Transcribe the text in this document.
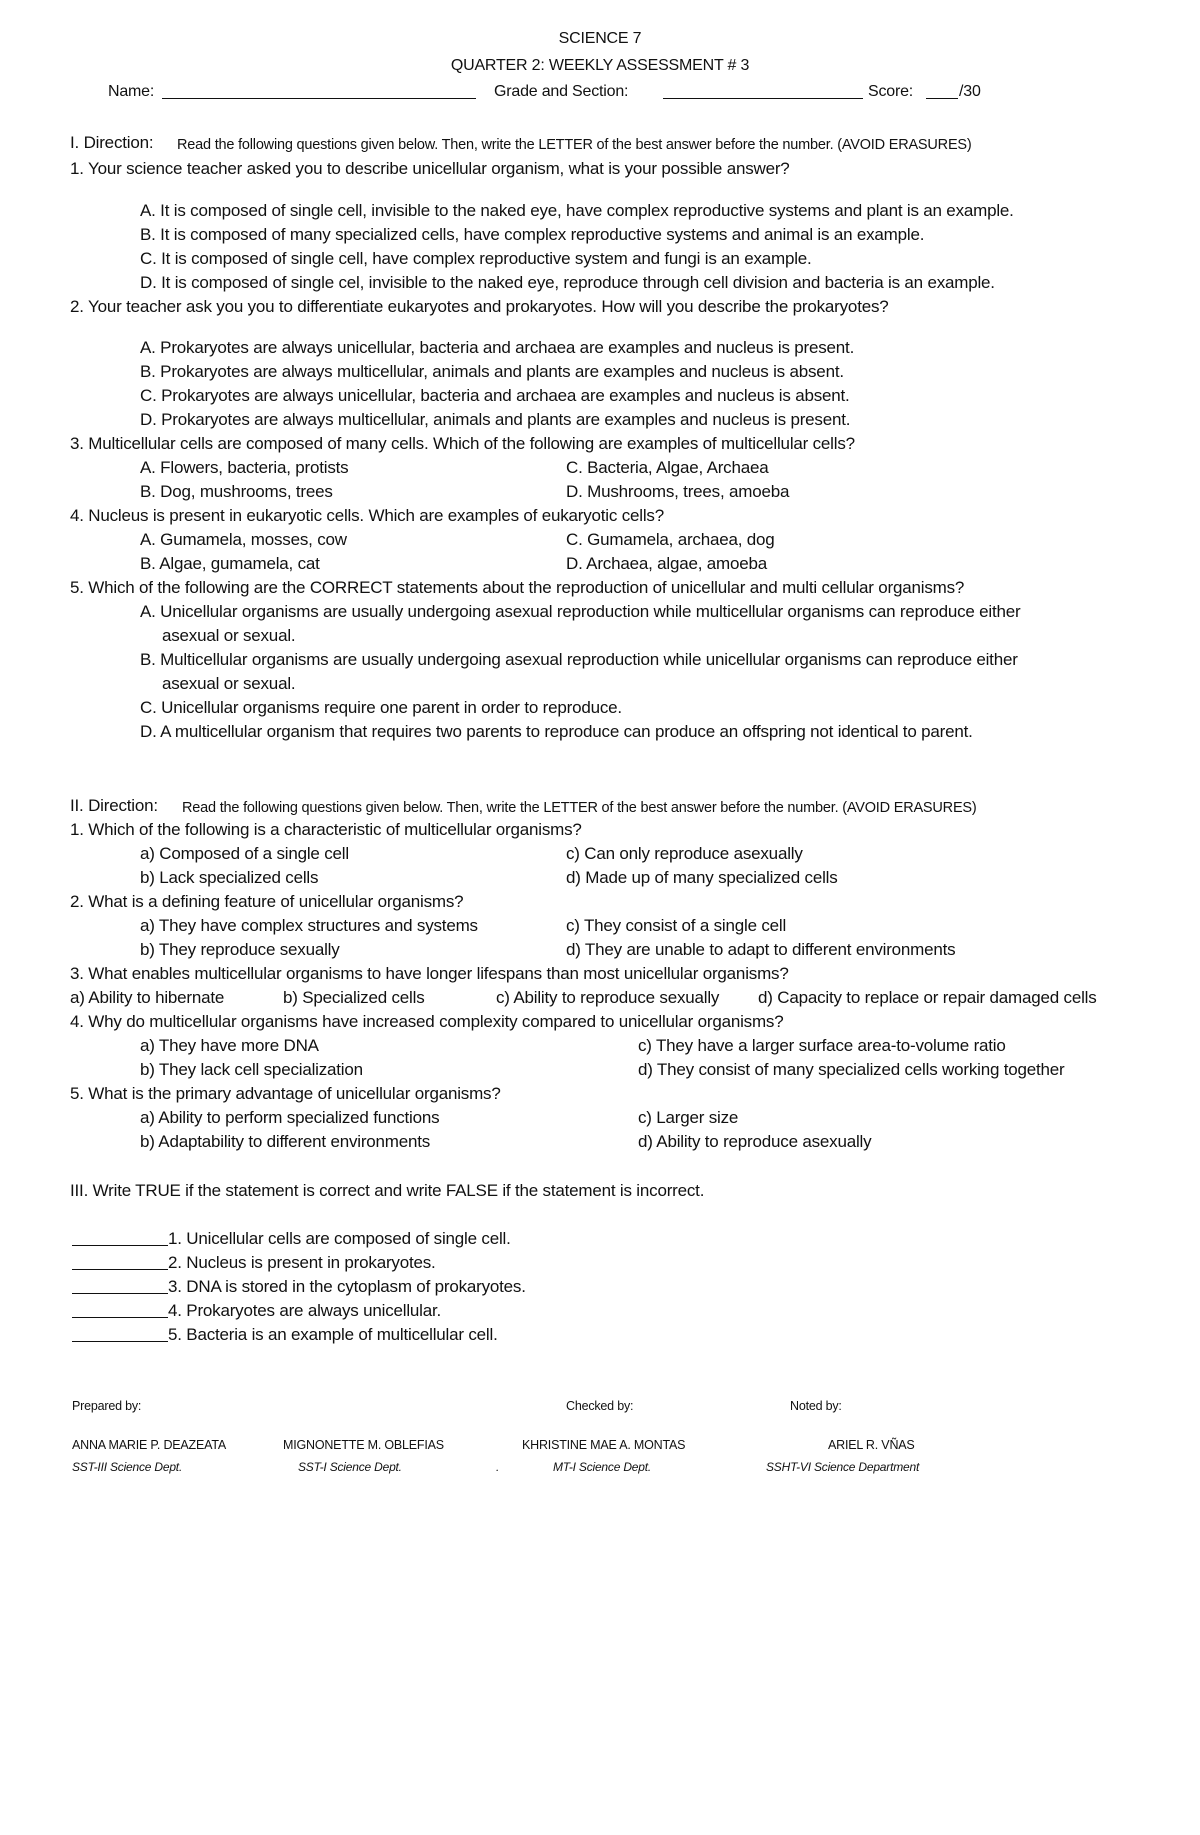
SCIENCE 7
QUARTER 2: WEEKLY ASSESSMENT # 3
Name:	Grade and Section:	Score:	/30
I. Direction: Read the following questions given below. Then, write the LETTER of the best answer before the number. (AVOID ERASURES)
1. Your science teacher asked you to describe unicellular organism, what is your possible answer?
A. It is composed of single cell, invisible to the naked eye, have complex reproductive systems and plant is an example.
B. It is composed of many specialized cells, have complex reproductive systems and animal is an example.
C. It is composed of single cell, have complex reproductive system and fungi is an example.
D. It is composed of single cel, invisible to the naked eye, reproduce through cell division and bacteria is an example.
2. Your teacher ask you you to differentiate eukaryotes and prokaryotes. How will you describe the prokaryotes?
A. Prokaryotes are always unicellular, bacteria and archaea are examples and nucleus is present.
B. Prokaryotes are always multicellular, animals and plants are examples and nucleus is absent.
C. Prokaryotes are always unicellular, bacteria and archaea are examples and nucleus is absent.
D. Prokaryotes are always multicellular, animals and plants are examples and nucleus is present.
3. Multicellular cells are composed of many cells. Which of the following are examples of multicellular cells?
A. Flowers, bacteria, protists	C. Bacteria, Algae, Archaea
B. Dog, mushrooms, trees	D. Mushrooms, trees, amoeba
4. Nucleus is present in eukaryotic cells. Which are examples of eukaryotic cells?
A. Gumamela, mosses, cow	C. Gumamela, archaea, dog
B. Algae, gumamela, cat	D. Archaea, algae, amoeba
5. Which of the following are the CORRECT statements about the reproduction of unicellular and multi cellular organisms?
A. Unicellular organisms are usually undergoing asexual reproduction while multicellular organisms can reproduce either
asexual or sexual.
B. Multicellular organisms are usually undergoing asexual reproduction while unicellular organisms can reproduce either
asexual or sexual.
C. Unicellular organisms require one parent in order to reproduce.
D. A multicellular organism that requires two parents to reproduce can produce an offspring not identical to parent.
II. Direction: Read the following questions given below. Then, write the LETTER of the best answer before the number. (AVOID ERASURES)
1. Which of the following is a characteristic of multicellular organisms?
a) Composed of a single cell	c) Can only reproduce asexually
b) Lack specialized cells	d) Made up of many specialized cells
2. What is a defining feature of unicellular organisms?
a) They have complex structures and systems	c) They consist of a single cell
b) They reproduce sexually	d) They are unable to adapt to different environments
3. What enables multicellular organisms to have longer lifespans than most unicellular organisms?
a) Ability to hibernate	b) Specialized cells	c) Ability to reproduce sexually d) Capacity to replace or repair damaged cells
4. Why do multicellular organisms have increased complexity compared to unicellular organisms?
a) They have more DNA	c) They have a larger surface area-to-volume ratio
b) They lack cell specialization	d) They consist of many specialized cells working together
5. What is the primary advantage of unicellular organisms?
a) Ability to perform specialized functions	c) Larger size
b) Adaptability to different environments	d) Ability to reproduce asexually
III. Write TRUE if the statement is correct and write FALSE if the statement is incorrect.
1. Unicellular cells are composed of single cell.
2. Nucleus is present in prokaryotes.
3. DNA is stored in the cytoplasm of prokaryotes.
4. Prokaryotes are always unicellular.
5. Bacteria is an example of multicellular cell.
Prepared by:	Checked by:	Noted by:
ANNA MARIE P. DEAZEATA
SST-III Science Dept.
MIGNONETTE M. OBLEFIAS
SST-I Science Dept.
KHRISTINE MAE A. MONTAS
.	MT-I Science Dept.
ARIEL R. VÑAS
SSHT-VI Science Department
